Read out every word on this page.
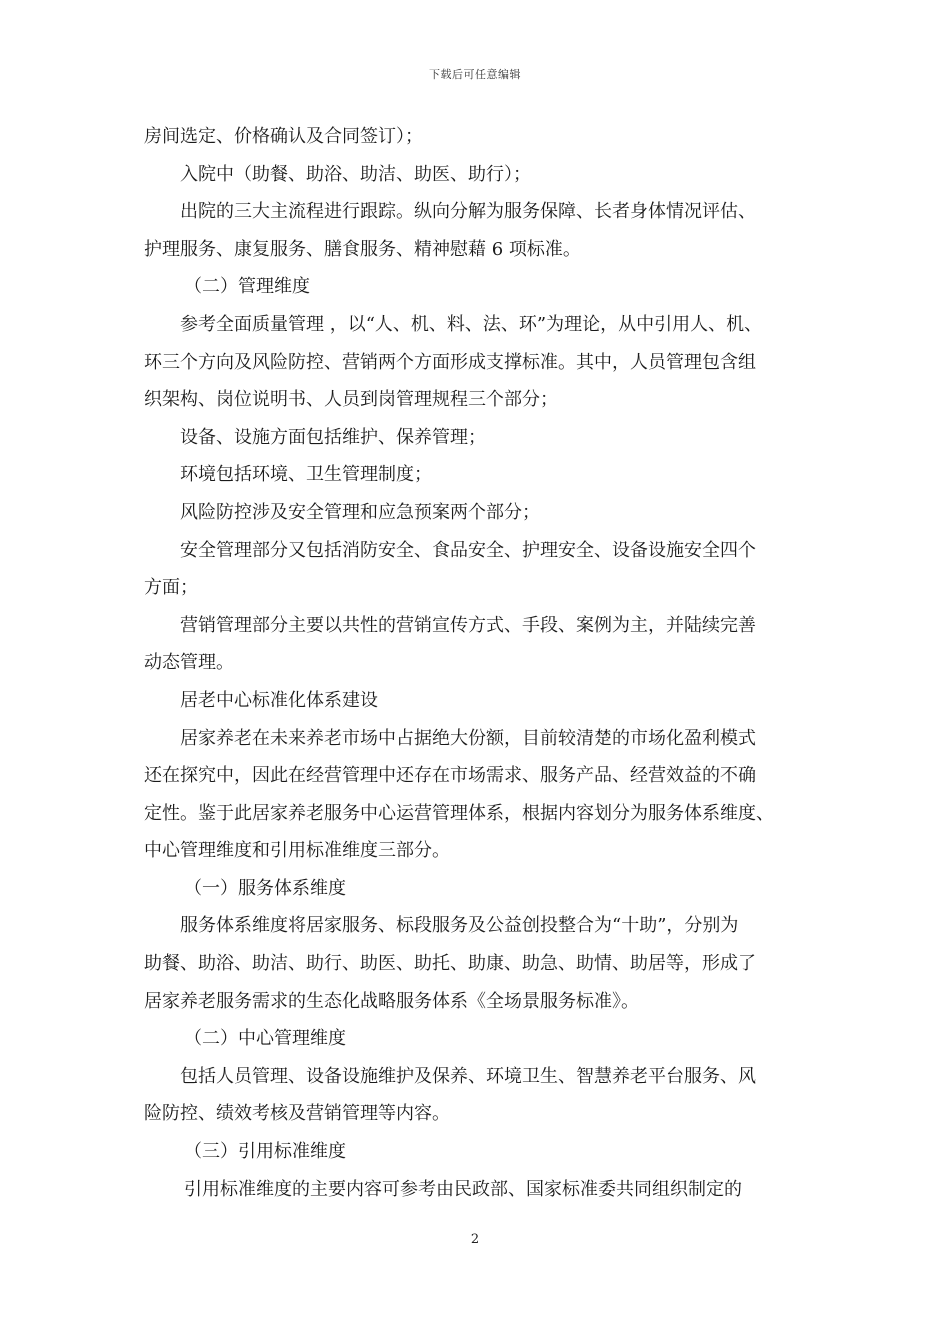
下载后可任意编辑
房间选定、价格确认及合同签订）；
入院中（助餐、助浴、助洁、助医、助行）；
出院的三大主流程进行跟踪。纵向分解为服务保障、长者身体情况评估、
护理服务、康复服务、膳食服务、精神慰藉 6 项标准。
（二）管理维度
参考全面质量管理 ，以“人、机、料、法、环”为理论，从中引用人、机、
环三个方向及风险防控、营销两个方面形成支撑标准。其中，人员管理包含组
织架构、岗位说明书、人员到岗管理规程三个部分；
设备、设施方面包括维护、保养管理；
环境包括环境、卫生管理制度；
风险防控涉及安全管理和应急预案两个部分；
安全管理部分又包括消防安全、食品安全、护理安全、设备设施安全四个
方面；
营销管理部分主要以共性的营销宣传方式、手段、案例为主，并陆续完善
动态管理。
居老中心标准化体系建设
居家养老在未来养老市场中占据绝大份额，目前较清楚的市场化盈利模式
还在探究中，因此在经营管理中还存在市场需求、服务产品、经营效益的不确
定性。鉴于此居家养老服务中心运营管理体系，根据内容划分为服务体系维度、
中心管理维度和引用标准维度三部分。
（一）服务体系维度
服务体系维度将居家服务、标段服务及公益创投整合为“十助”，分别为
助餐、助浴、助洁、助行、助医、助托、助康、助急、助情、助居等，形成了
居家养老服务需求的生态化战略服务体系《全场景服务标准》。
（二）中心管理维度
包括人员管理、设备设施维护及保养、环境卫生、智慧养老平台服务、风
险防控、绩效考核及营销管理等内容。
（三）引用标准维度
引用标准维度的主要内容可参考由民政部、国家标准委共同组织制定的
2
